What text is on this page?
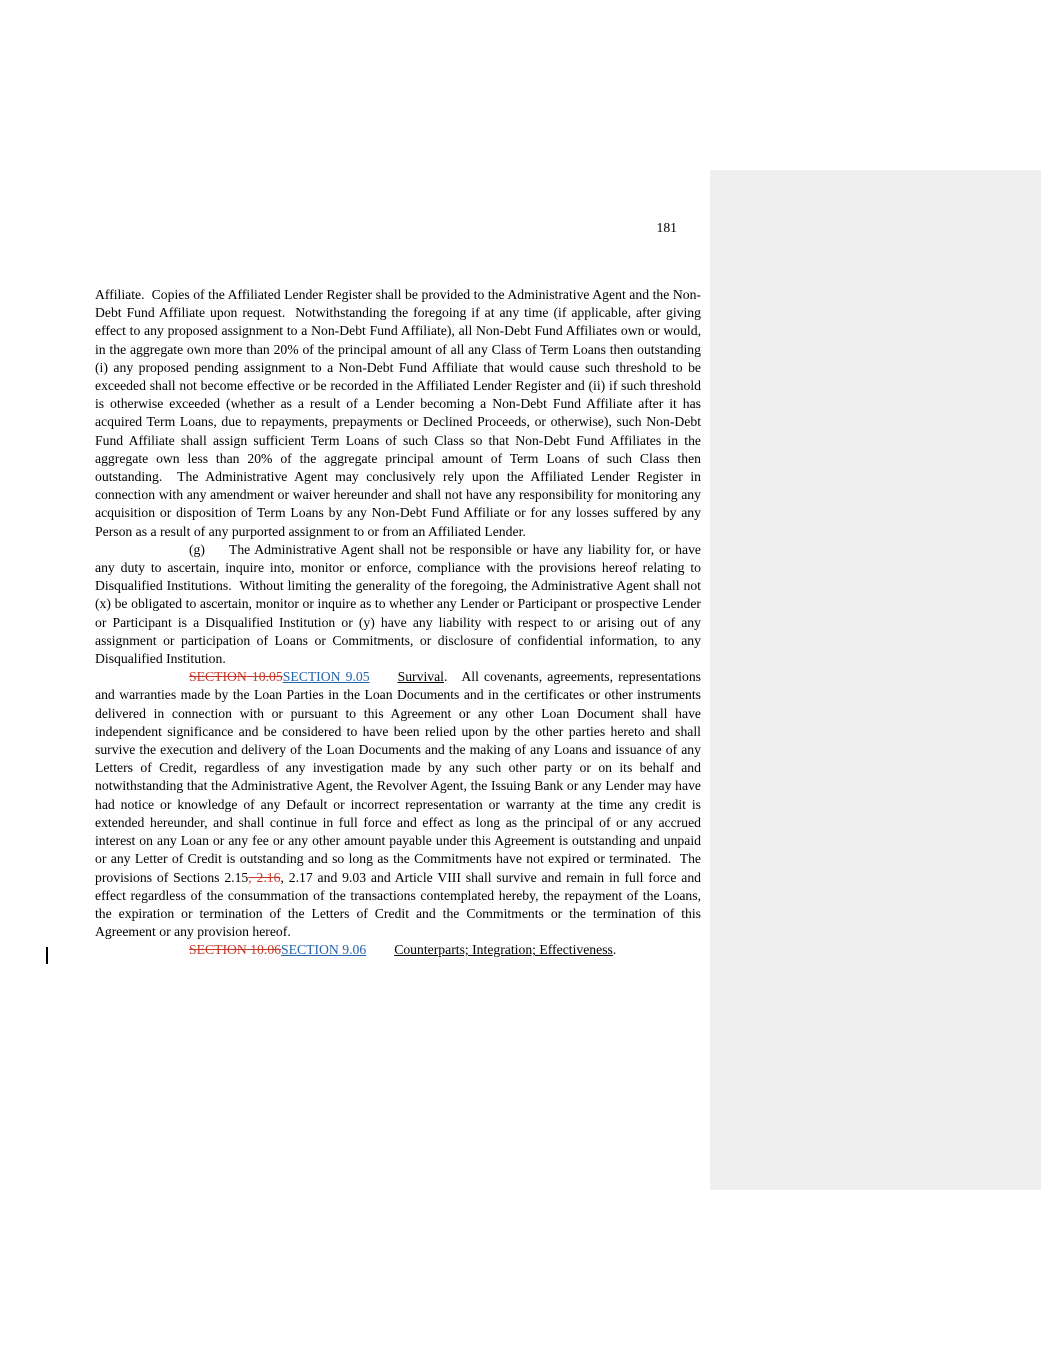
181

Affiliate.  Copies of the Affiliated Lender Register shall be provided to the Administrative Agent and the Non-Debt Fund Affiliate upon request.  Notwithstanding the foregoing if at any time (if applicable, after giving effect to any proposed assignment to a Non-Debt Fund Affiliate), all Non-Debt Fund Affiliates own or would, in the aggregate own more than 20% of the principal amount of all any Class of Term Loans then outstanding (i) any proposed pending assignment to a Non-Debt Fund Affiliate that would cause such threshold to be exceeded shall not become effective or be recorded in the Affiliated Lender Register and (ii) if such threshold is otherwise exceeded (whether as a result of a Lender becoming a Non-Debt Fund Affiliate after it has acquired Term Loans, due to repayments, prepayments or Declined Proceeds, or otherwise), such Non-Debt Fund Affiliate shall assign sufficient Term Loans of such Class so that Non-Debt Fund Affiliates in the aggregate own less than 20% of the aggregate principal amount of Term Loans of such Class then outstanding.  The Administrative Agent may conclusively rely upon the Affiliated Lender Register in connection with any amendment or waiver hereunder and shall not have any responsibility for monitoring any acquisition or disposition of Term Loans by any Non-Debt Fund Affiliate or for any losses suffered by any Person as a result of any purported assignment to or from an Affiliated Lender.

(g) The Administrative Agent shall not be responsible or have any liability for, or have any duty to ascertain, inquire into, monitor or enforce, compliance with the provisions hereof relating to Disqualified Institutions.  Without limiting the generality of the foregoing, the Administrative Agent shall not (x) be obligated to ascertain, monitor or inquire as to whether any Lender or Participant or prospective Lender or Participant is a Disqualified Institution or (y) have any liability with respect to or arising out of any assignment or participation of Loans or Commitments, or disclosure of confidential information, to any Disqualified Institution.

SECTION 10.05SECTION 9.05 Survival. All covenants, agreements, representations and warranties made by the Loan Parties in the Loan Documents and in the certificates or other instruments delivered in connection with or pursuant to this Agreement or any other Loan Document shall have independent significance and be considered to have been relied upon by the other parties hereto and shall survive the execution and delivery of the Loan Documents and the making of any Loans and issuance of any Letters of Credit, regardless of any investigation made by any such other party or on its behalf and notwithstanding that the Administrative Agent, the Revolver Agent, the Issuing Bank or any Lender may have had notice or knowledge of any Default or incorrect representation or warranty at the time any credit is extended hereunder, and shall continue in full force and effect as long as the principal of or any accrued interest on any Loan or any fee or any other amount payable under this Agreement is outstanding and unpaid or any Letter of Credit is outstanding and so long as the Commitments have not expired or terminated.  The provisions of Sections 2.15, 2.16, 2.17 and 9.03 and Article VIII shall survive and remain in full force and effect regardless of the consummation of the transactions contemplated hereby, the repayment of the Loans, the expiration or termination of the Letters of Credit and the Commitments or the termination of this Agreement or any provision hereof.

SECTION 10.06SECTION 9.06 Counterparts; Integration; Effectiveness.
